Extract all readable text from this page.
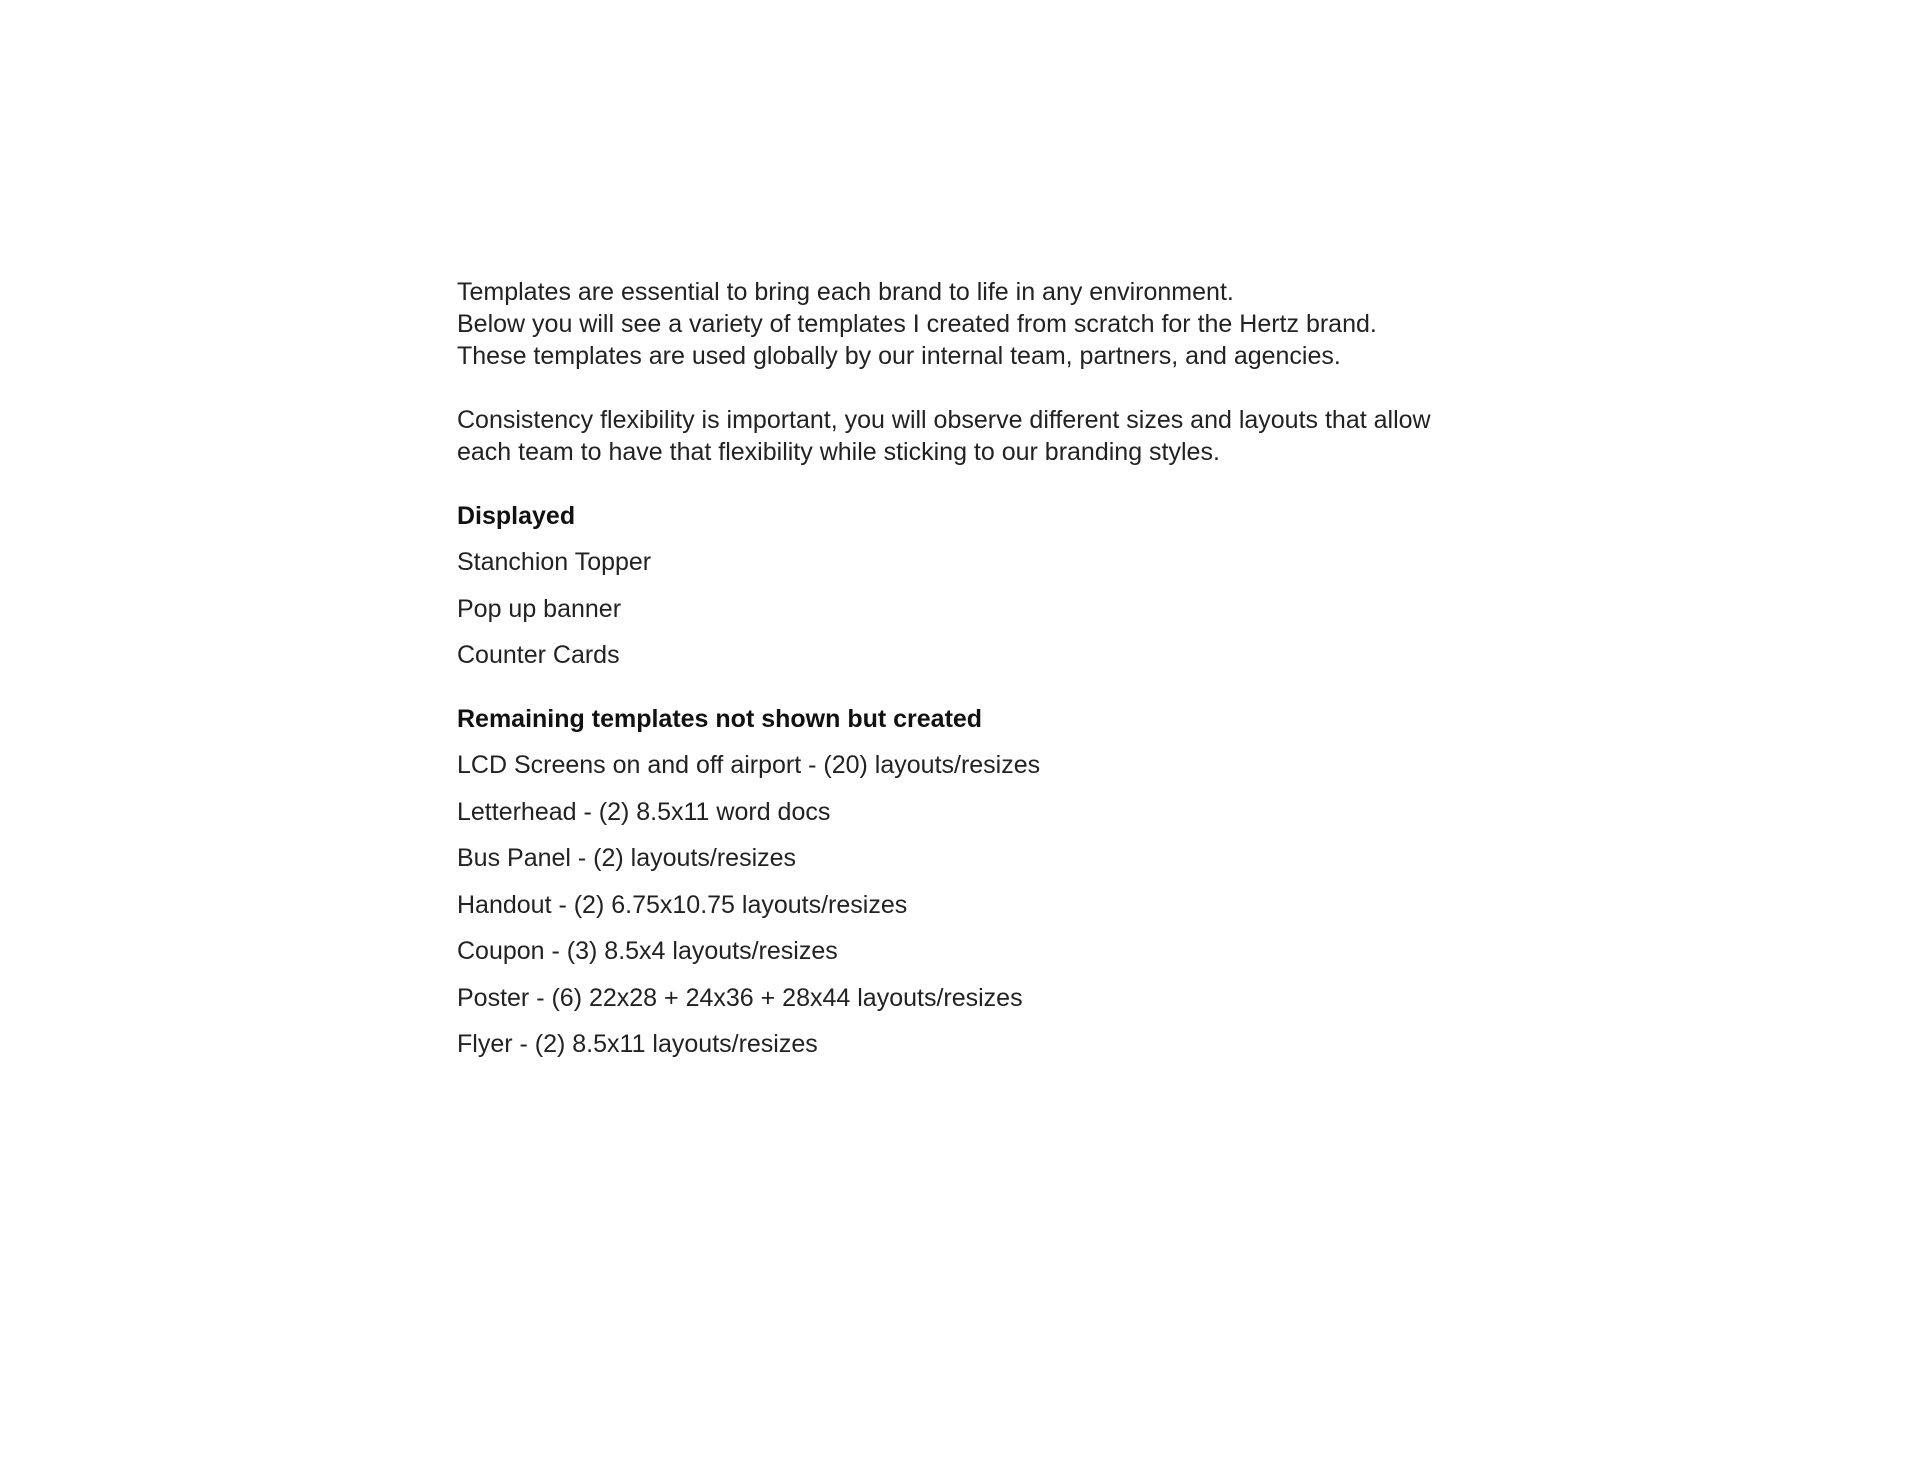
Templates are essential to bring each brand to life in any environment.

Below you will see a variety of templates I created from scratch for the Hertz brand.

These templates are used globally by our internal team, partners, and agencies.

Consistency flexibility is important, you will observe different sizes and layouts that allow

each team to have that flexibility while sticking to our branding styles.

Displayed
Stanchion Topper
Pop up banner
Counter Cards
Remaining templates not shown but created
LCD Screens on and off airport - (20) layouts/resizes
Letterhead - (2) 8.5x11 word docs
Bus Panel - (2) layouts/resizes
Handout - (2) 6.75x10.75 layouts/resizes
Coupon - (3) 8.5x4 layouts/resizes
Poster - (6) 22x28 + 24x36 + 28x44 layouts/resizes
Flyer - (2) 8.5x11 layouts/resizes
